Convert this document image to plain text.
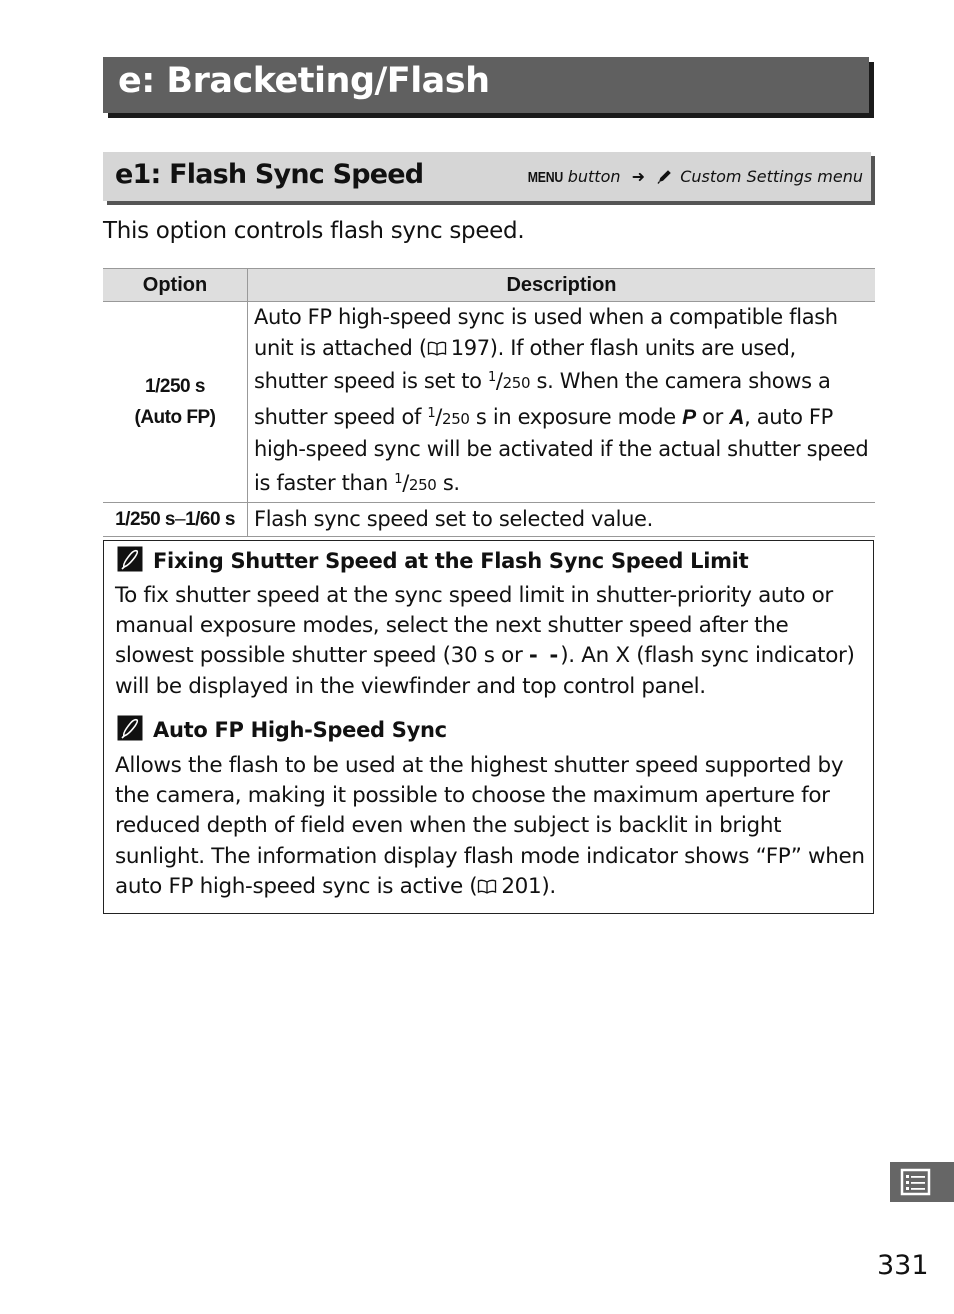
e: Bracketing/Flash
e1: Flash Sync Speed	MENU button ➜ Custom Settings menu
This option controls flash sync speed.
Option	Description

1/250 s
(Auto FP)	Auto FP high-speed sync is used when a compatible flash unit is attached ( 197). If other flash units are used, shutter speed is set to $^1$/250 s. When the camera shows a shutter speed of $^1$/250 s in exposure mode P or A, auto FP high-speed sync will be activated if the actual shutter speed is faster than $^1$/250 s.
1/250 s–1/60 s	Flash sync speed set to selected value.
Fixing Shutter Speed at the Flash Sync Speed Limit
To fix shutter speed at the sync speed limit in shutter-priority auto or manual exposure modes, select the next shutter speed after the slowest possible shutter speed (30 s or - -). An X (flash sync indicator) will be displayed in the viewfinder and top control panel.
Auto FP High-Speed Sync
Allows the flash to be used at the highest shutter speed supported by the camera, making it possible to choose the maximum aperture for reduced depth of field even when the subject is backlit in bright sunlight. The information display flash mode indicator shows “FP” when auto FP high-speed sync is active ( 201).
331
